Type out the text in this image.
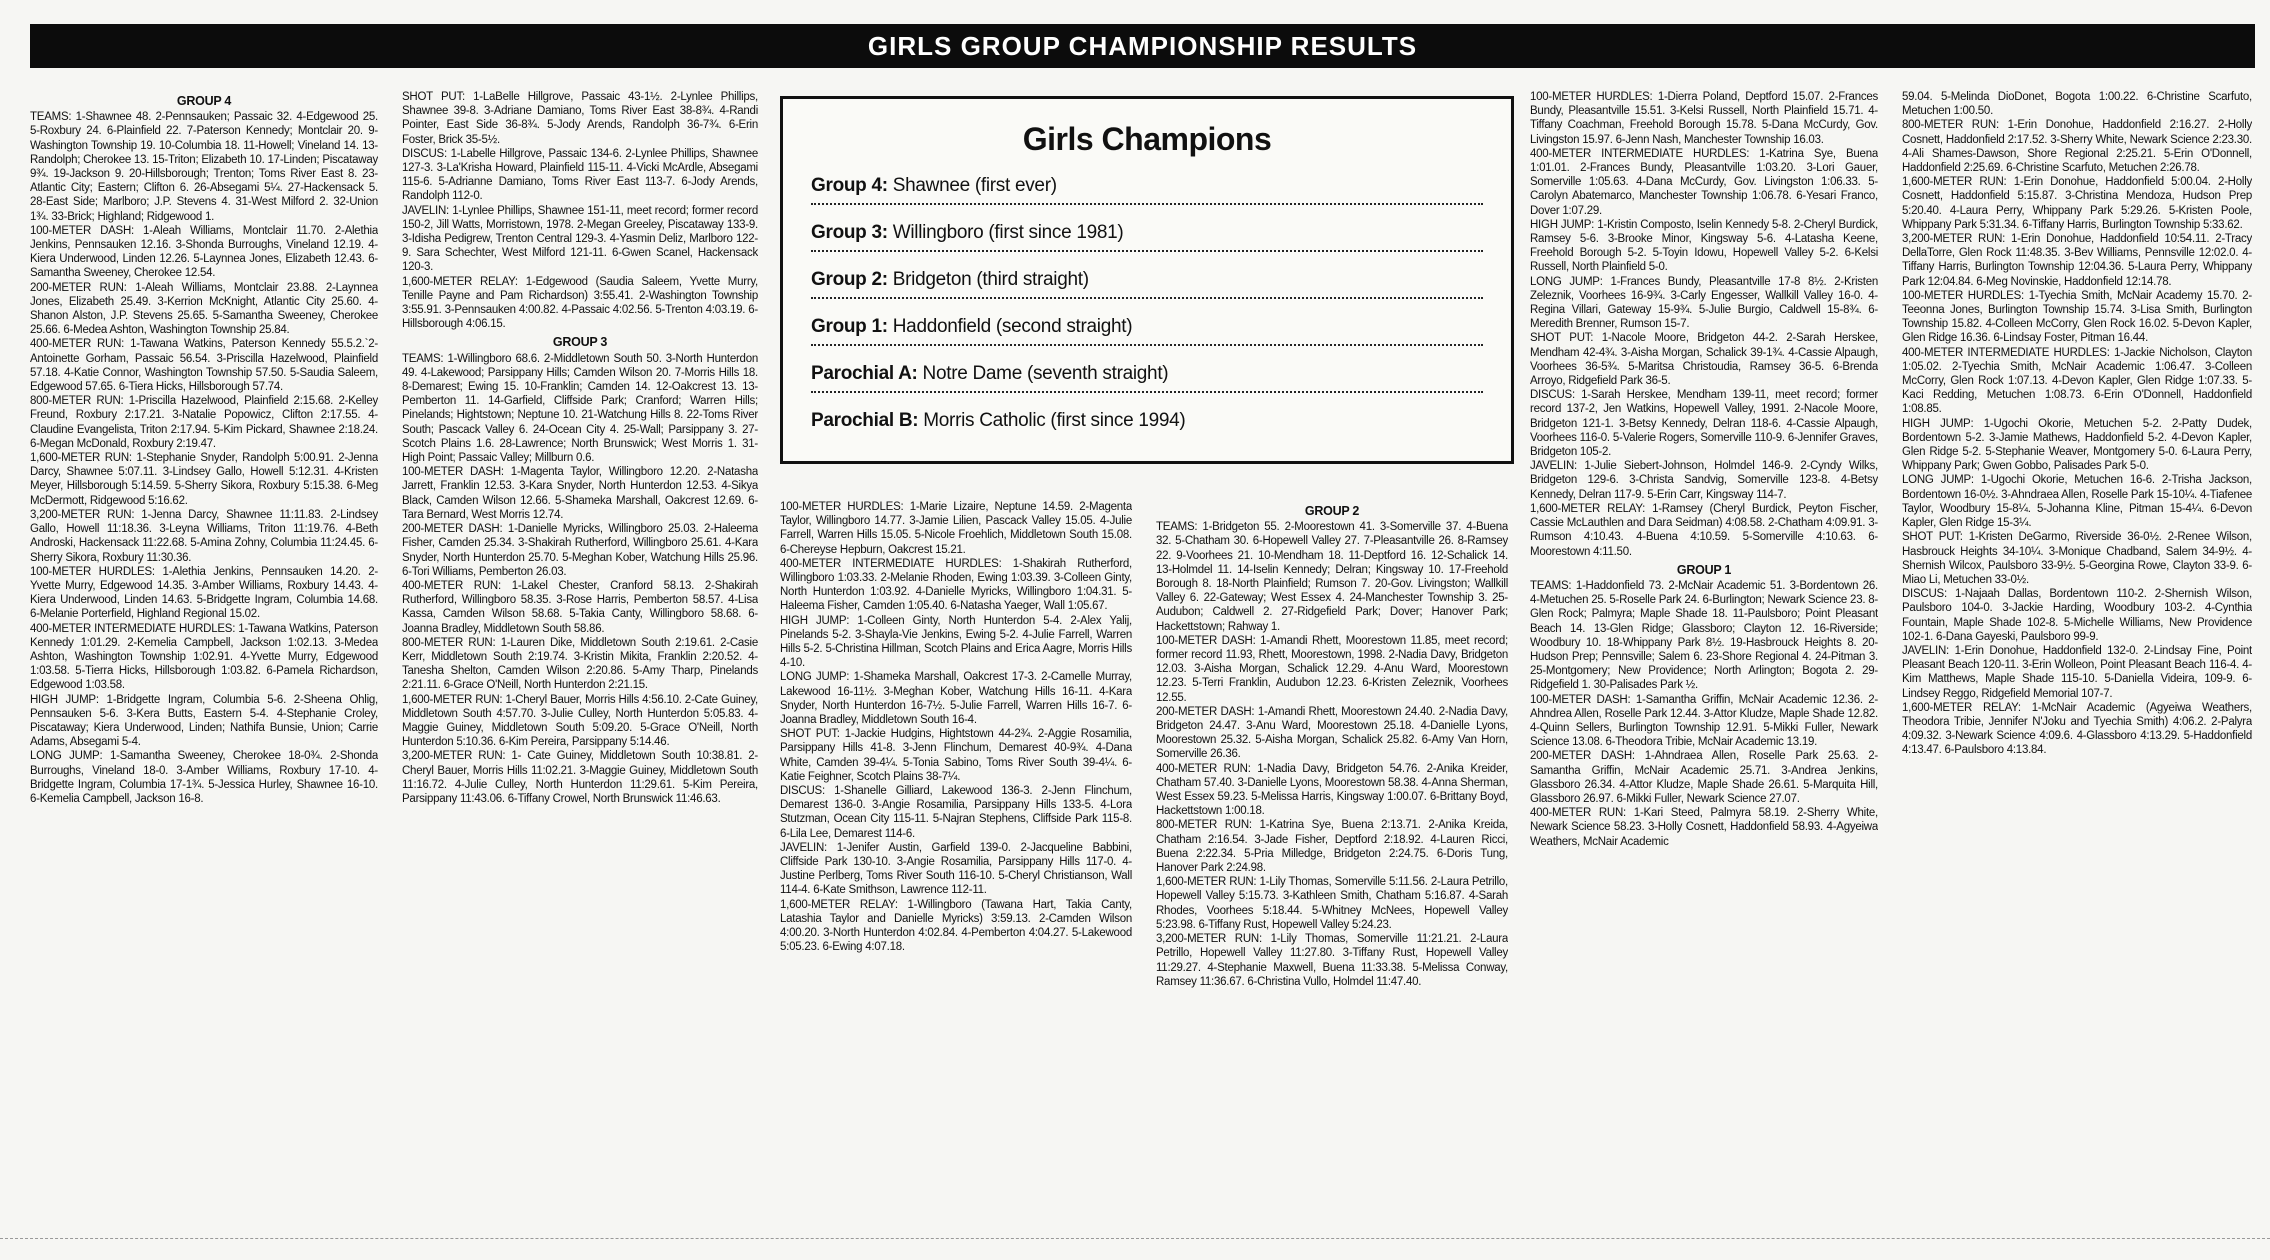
GIRLS GROUP CHAMPIONSHIP RESULTS
GROUP 4

TEAMS: 1-Shawnee 48. 2-Pennsauken; Passaic 32. 4-Edgewood 25. 5-Roxbury 24. 6-Plainfield 22. 7-Paterson Kennedy; Montclair 20. 9-Washington Township 19. 10-Columbia 18. 11-Howell; Vineland 14. 13-Randolph; Cherokee 13. 15-Triton; Elizabeth 10. 17-Linden; Piscataway 9¾. 19-Jackson 9. 20-Hillsborough; Trenton; Toms River East 8. 23-Atlantic City; Eastern; Clifton 6. 26-Absegami 5¼. 27-Hackensack 5. 28-East Side; Marlboro; J.P. Stevens 4. 31-West Milford 2. 32-Union 1¾. 33-Brick; Highland; Ridgewood 1.

100-METER DASH: 1-Aleah Williams, Montclair 11.70. 2-Alethia Jenkins, Pennsauken 12.16. 3-Shonda Burroughs, Vineland 12.19. 4-Kiera Underwood, Linden 12.26. 5-Laynnea Jones, Elizabeth 12.43. 6-Samantha Sweeney, Cherokee 12.54.

200-METER RUN: 1-Aleah Williams, Montclair 23.88. 2-Laynnea Jones, Elizabeth 25.49. 3-Kerrion McKnight, Atlantic City 25.60. 4-Shanon Alston, J.P. Stevens 25.65. 5-Samantha Sweeney, Cherokee 25.66. 6-Medea Ashton, Washington Township 25.84.

400-METER RUN: 1-Tawana Watkins, Paterson Kennedy 55.5.2.`2-Antoinette Gorham, Passaic 56.54. 3-Priscilla Hazelwood, Plainfield 57.18. 4-Katie Connor, Washington Township 57.50. 5-Saudia Saleem, Edgewood 57.65. 6-Tiera Hicks, Hillsborough 57.74.

800-METER RUN: 1-Priscilla Hazelwood, Plainfield 2:15.68. 2-Kelley Freund, Roxbury 2:17.21. 3-Natalie Popowicz, Clifton 2:17.55. 4-Claudine Evangelista, Triton 2:17.94. 5-Kim Pickard, Shawnee 2:18.24. 6-Megan McDonald, Roxbury 2:19.47.

1,600-METER RUN: 1-Stephanie Snyder, Randolph 5:00.91. 2-Jenna Darcy, Shawnee 5:07.11. 3-Lindsey Gallo, Howell 5:12.31. 4-Kristen Meyer, Hillsborough 5:14.59. 5-Sherry Sikora, Roxbury 5:15.38. 6-Meg McDermott, Ridgewood 5:16.62.

3,200-METER RUN: 1-Jenna Darcy, Shawnee 11:11.83. 2-Lindsey Gallo, Howell 11:18.36. 3-Leyna Williams, Triton 11:19.76. 4-Beth Androski, Hackensack 11:22.68. 5-Amina Zohny, Columbia 11:24.45. 6-Sherry Sikora, Roxbury 11:30.36.

100-METER HURDLES: 1-Alethia Jenkins, Pennsauken 14.20. 2-Yvette Murry, Edgewood 14.35. 3-Amber Williams, Roxbury 14.43. 4-Kiera Underwood, Linden 14.63. 5-Bridgette Ingram, Columbia 14.68. 6-Melanie Porterfield, Highland Regional 15.02.

400-METER INTERMEDIATE HURDLES: 1-Tawana Watkins, Paterson Kennedy 1:01.29. 2-Kemelia Campbell, Jackson 1:02.13. 3-Medea Ashton, Washington Township 1:02.91. 4-Yvette Murry, Edgewood 1:03.58. 5-Tierra Hicks, Hillsborough 1:03.82. 6-Pamela Richardson, Edgewood 1:03.58.

HIGH JUMP: 1-Bridgette Ingram, Columbia 5-6. 2-Sheena Ohlig, Pennsauken 5-6. 3-Kera Butts, Eastern 5-4. 4-Stephanie Croley, Piscataway; Kiera Underwood, Linden; Nathifa Bunsie, Union; Carrie Adams, Absegami 5-4.

LONG JUMP: 1-Samantha Sweeney, Cherokee 18-0¾. 2-Shonda Burroughs, Vineland 18-0. 3-Amber Williams, Roxbury 17-10. 4-Bridgette Ingram, Columbia 17-1¾. 5-Jessica Hurley, Shawnee 16-10. 6-Kemelia Campbell, Jackson 16-8.

SHOT PUT: 1-LaBelle Hillgrove, Passaic 43-1½. 2-Lynlee Phillips, Shawnee 39-8. 3-Adriane Damiano, Toms River East 38-8¾. 4-Randi Pointer, East Side 36-8¾. 5-Jody Arends, Randolph 36-7¾. 6-Erin Foster, Brick 35-5½.

DISCUS: 1-Labelle Hillgrove, Passaic 134-6. 2-Lynlee Phillips, Shawnee 127-3. 3-La'Krisha Howard, Plainfield 115-11. 4-Vicki McArdle, Absegami 115-6. 5-Adrianne Damiano, Toms River East 113-7. 6-Jody Arends, Randolph 112-0.

JAVELIN: 1-Lynlee Phillips, Shawnee 151-11, meet record; former record 150-2, Jill Watts, Morristown, 1978. 2-Megan Greeley, Piscataway 133-9. 3-Idisha Pedigrew, Trenton Central 129-3. 4-Yasmin Deliz, Marlboro 122-9. Sara Schechter, West Milford 121-11. 6-Gwen Scanel, Hackensack 120-3.

1,600-METER RELAY: 1-Edgewood (Saudia Saleem, Yvette Murry, Tenille Payne and Pam Richardson) 3:55.41. 2-Washington Township 3:55.91. 3-Pennsauken 4:00.82. 4-Passaic 4:02.56. 5-Trenton 4:03.19. 6-Hillsborough 4:06.15.

GROUP 3

TEAMS: 1-Willingboro 68.6. 2-Middletown South 50. 3-North Hunterdon 49. 4-Lakewood; Parsippany Hills; Camden Wilson 20. 7-Morris Hills 18. 8-Demarest; Ewing 15. 10-Franklin; Camden 14. 12-Oakcrest 13. 13-Pemberton 11. 14-Garfield, Cliffside Park; Cranford; Warren Hills; Pinelands; Hightstown; Neptune 10. 21-Watchung Hills 8. 22-Toms River South; Pascack Valley 6. 24-Ocean City 4. 25-Wall; Parsippany 3. 27-Scotch Plains 1.6. 28-Lawrence; North Brunswick; West Morris 1. 31-High Point; Passaic Valley; Millburn 0.6.

100-METER DASH: 1-Magenta Taylor, Willingboro 12.20. 2-Natasha Jarrett, Franklin 12.53. 3-Kara Snyder, North Hunterdon 12.53. 4-Sikya Black, Camden Wilson 12.66. 5-Shameka Marshall, Oakcrest 12.69. 6-Tara Bernard, West Morris 12.74.

200-METER DASH: 1-Danielle Myricks, Willingboro 25.03. 2-Haleema Fisher, Camden 25.34. 3-Shakirah Rutherford, Willingboro 25.61. 4-Kara Snyder, North Hunterdon 25.70. 5-Meghan Kober, Watchung Hills 25.96. 6-Tori Williams, Pemberton 26.03.

400-METER RUN: 1-Lakel Chester, Cranford 58.13. 2-Shakirah Rutherford, Willingboro 58.35. 3-Rose Harris, Pemberton 58.57. 4-Lisa Kassa, Camden Wilson 58.68. 5-Takia Canty, Willingboro 58.68. 6-Joanna Bradley, Middletown South 58.86.

800-METER RUN: 1-Lauren Dike, Middletown South 2:19.61. 2-Casie Kerr, Middletown South 2:19.74. 3-Kristin Mikita, Franklin 2:20.52. 4-Tanesha Shelton, Camden Wilson 2:20.86. 5-Amy Tharp, Pinelands 2:21.11. 6-Grace O'Neill, North Hunterdon 2:21.15.

1,600-METER RUN: 1-Cheryl Bauer, Morris Hills 4:56.10. 2-Cate Guiney, Middletown South 4:57.70. 3-Julie Culley, North Hunterdon 5:05.83. 4-Maggie Guiney, Middletown South 5:09.20. 5-Grace O'Neill, North Hunterdon 5:10.36. 6-Kim Pereira, Parsippany 5:14.46.

3,200-METER RUN: 1- Cate Guiney, Middletown South 10:38.81. 2-Cheryl Bauer, Morris Hills 11:02.21. 3-Maggie Guiney, Middletown South 11:16.72. 4-Julie Culley, North Hunterdon 11:29.61. 5-Kim Pereira, Parsippany 11:43.06. 6-Tiffany Crowel, North Brunswick 11:46.63.

Girls Champions
Group 4: Shawnee (first ever)
Group 3: Willingboro (first since 1981)
Group 2: Bridgeton (third straight)
Group 1: Haddonfield (second straight)
Parochial A: Notre Dame (seventh straight)
Parochial B: Morris Catholic (first since 1994)

100-METER HURDLES: 1-Marie Lizaire, Neptune 14.59. 2-Magenta Taylor, Willingboro 14.77. 3-Jamie Lilien, Pascack Valley 15.05. 4-Julie Farrell, Warren Hills 15.05. 5-Nicole Froehlich, Middletown South 15.08. 6-Chereyse Hepburn, Oakcrest 15.21.

400-METER INTERMEDIATE HURDLES: 1-Shakirah Rutherford, Willingboro 1:03.33. 2-Melanie Rhoden, Ewing 1:03.39. 3-Colleen Ginty, North Hunterdon 1:03.92. 4-Danielle Myricks, Willingboro 1:04.31. 5-Haleema Fisher, Camden 1:05.40. 6-Natasha Yaeger, Wall 1:05.67.

HIGH JUMP: 1-Colleen Ginty, North Hunterdon 5-4. 2-Alex Yalij, Pinelands 5-2. 3-Shayla-Vie Jenkins, Ewing 5-2. 4-Julie Farrell, Warren Hills 5-2. 5-Christina Hillman, Scotch Plains and Erica Aagre, Morris Hills 4-10.

LONG JUMP: 1-Shameka Marshall, Oakcrest 17-3. 2-Camelle Murray, Lakewood 16-11½. 3-Meghan Kober, Watchung Hills 16-11. 4-Kara Snyder, North Hunterdon 16-7½. 5-Julie Farrell, Warren Hills 16-7. 6-Joanna Bradley, Middletown South 16-4.

SHOT PUT: 1-Jackie Hudgins, Hightstown 44-2¾. 2-Aggie Rosamilia, Parsippany Hills 41-8. 3-Jenn Flinchum, Demarest 40-9¾. 4-Dana White, Camden 39-4¼. 5-Tonia Sabino, Toms River South 39-4¼. 6-Katie Feighner, Scotch Plains 38-7¼.

DISCUS: 1-Shanelle Gilliard, Lakewood 136-3. 2-Jenn Flinchum, Demarest 136-0. 3-Angie Rosamilia, Parsippany Hills 133-5. 4-Lora Stutzman, Ocean City 115-11. 5-Najran Stephens, Cliffside Park 115-8. 6-Lila Lee, Demarest 114-6.

JAVELIN: 1-Jenifer Austin, Garfield 139-0. 2-Jacqueline Babbini, Cliffside Park 130-10. 3-Angie Rosamilia, Parsippany Hills 117-0. 4-Justine Perlberg, Toms River South 116-10. 5-Cheryl Christianson, Wall 114-4. 6-Kate Smithson, Lawrence 112-11.

1,600-METER RELAY: 1-Willingboro (Tawana Hart, Takia Canty, Latashia Taylor and Danielle Myricks) 3:59.13. 2-Camden Wilson 4:00.20. 3-North Hunterdon 4:02.84. 4-Pemberton 4:04.27. 5-Lakewood 5:05.23. 6-Ewing 4:07.18.

GROUP 2

TEAMS: 1-Bridgeton 55. 2-Moorestown 41. 3-Somerville 37. 4-Buena 32. 5-Chatham 30. 6-Hopewell Valley 27. 7-Pleasantville 26. 8-Ramsey 22. 9-Voorhees 21. 10-Mendham 18. 11-Deptford 16. 12-Schalick 14. 13-Holmdel 11. 14-Iselin Kennedy; Delran; Kingsway 10. 17-Freehold Borough 8. 18-North Plainfield; Rumson 7. 20-Gov. Livingston; Wallkill Valley 6. 22-Gateway; West Essex 4. 24-Manchester Township 3. 25-Audubon; Caldwell 2. 27-Ridgefield Park; Dover; Hanover Park; Hackettstown; Rahway 1.

100-METER DASH: 1-Amandi Rhett, Moorestown 11.85, meet record; former record 11.93, Rhett, Moorestown, 1998. 2-Nadia Davy, Bridgeton 12.03. 3-Aisha Morgan, Schalick 12.29. 4-Anu Ward, Moorestown 12.23. 5-Terri Franklin, Audubon 12.23. 6-Kristen Zeleznik, Voorhees 12.55.

200-METER DASH: 1-Amandi Rhett, Moorestown 24.40. 2-Nadia Davy, Bridgeton 24.47. 3-Anu Ward, Moorestown 25.18. 4-Danielle Lyons, Moorestown 25.32. 5-Aisha Morgan, Schalick 25.82. 6-Amy Van Horn, Somerville 26.36.

400-METER RUN: 1-Nadia Davy, Bridgeton 54.76. 2-Anika Kreider, Chatham 57.40. 3-Danielle Lyons, Moorestown 58.38. 4-Anna Sherman, West Essex 59.23. 5-Melissa Harris, Kingsway 1:00.07. 6-Brittany Boyd, Hackettstown 1:00.18.

800-METER RUN: 1-Katrina Sye, Buena 2:13.71. 2-Anika Kreida, Chatham 2:16.54. 3-Jade Fisher, Deptford 2:18.92. 4-Lauren Ricci, Buena 2:22.34. 5-Pria Milledge, Bridgeton 2:24.75. 6-Doris Tung, Hanover Park 2:24.98.

1,600-METER RUN: 1-Lily Thomas, Somerville 5:11.56. 2-Laura Petrillo, Hopewell Valley 5:15.73. 3-Kathleen Smith, Chatham 5:16.87. 4-Sarah Rhodes, Voorhees 5:18.44. 5-Whitney McNees, Hopewell Valley 5:23.98. 6-Tiffany Rust, Hopewell Valley 5:24.23.

3,200-METER RUN: 1-Lily Thomas, Somerville 11:21.21. 2-Laura Petrillo, Hopewell Valley 11:27.80. 3-Tiffany Rust, Hopewell Valley 11:29.27. 4-Stephanie Maxwell, Buena 11:33.38. 5-Melissa Conway, Ramsey 11:36.67. 6-Christina Vullo, Holmdel 11:47.40.

100-METER HURDLES: 1-Dierra Poland, Deptford 15.07. 2-Frances Bundy, Pleasantville 15.51. 3-Kelsi Russell, North Plainfield 15.71. 4-Tiffany Coachman, Freehold Borough 15.78. 5-Dana McCurdy, Gov. Livingston 15.97. 6-Jenn Nash, Manchester Township 16.03.

400-METER INTERMEDIATE HURDLES: 1-Katrina Sye, Buena 1:01.01. 2-Frances Bundy, Pleasantville 1:03.20. 3-Lori Gauer, Somerville 1:05.63. 4-Dana McCurdy, Gov. Livingston 1:06.33. 5-Carolyn Abatemarco, Manchester Township 1:06.78. 6-Yesari Franco, Dover 1:07.29.

HIGH JUMP: 1-Kristin Composto, Iselin Kennedy 5-8. 2-Cheryl Burdick, Ramsey 5-6. 3-Brooke Minor, Kingsway 5-6. 4-Latasha Keene, Freehold Borough 5-2. 5-Toyin Idowu, Hopewell Valley 5-2. 6-Kelsi Russell, North Plainfield 5-0.

LONG JUMP: 1-Frances Bundy, Pleasantville 17-8 8½. 2-Kristen Zeleznik, Voorhees 16-9¾. 3-Carly Engesser, Wallkill Valley 16-0. 4-Regina Villari, Gateway 15-9¾. 5-Julie Burgio, Caldwell 15-8¾. 6-Meredith Brenner, Rumson 15-7.

SHOT PUT: 1-Nacole Moore, Bridgeton 44-2. 2-Sarah Herskee, Mendham 42-4¾. 3-Aisha Morgan, Schalick 39-1¾. 4-Cassie Alpaugh, Voorhees 36-5¾. 5-Maritsa Christoudia, Ramsey 36-5. 6-Brenda Arroyo, Ridgefield Park 36-5.

DISCUS: 1-Sarah Herskee, Mendham 139-11, meet record; former record 137-2, Jen Watkins, Hopewell Valley, 1991. 2-Nacole Moore, Bridgeton 121-1. 3-Betsy Kennedy, Delran 118-6. 4-Cassie Alpaugh, Voorhees 116-0. 5-Valerie Rogers, Somerville 110-9. 6-Jennifer Graves, Bridgeton 105-2.

JAVELIN: 1-Julie Siebert-Johnson, Holmdel 146-9. 2-Cyndy Wilks, Bridgeton 129-6. 3-Christa Sandvig, Somerville 123-8. 4-Betsy Kennedy, Delran 117-9. 5-Erin Carr, Kingsway 114-7.

1,600-METER RELAY: 1-Ramsey (Cheryl Burdick, Peyton Fischer, Cassie McLauthlen and Dara Seidman) 4:08.58. 2-Chatham 4:09.91. 3-Rumson 4:10.43. 4-Buena 4:10.59. 5-Somerville 4:10.63. 6-Moorestown 4:11.50.

GROUP 1

TEAMS: 1-Haddonfield 73. 2-McNair Academic 51. 3-Bordentown 26. 4-Metuchen 25. 5-Roselle Park 24. 6-Burlington; Newark Science 23. 8-Glen Rock; Palmyra; Maple Shade 18. 11-Paulsboro; Point Pleasant Beach 14. 13-Glen Ridge; Glassboro; Clayton 12. 16-Riverside; Woodbury 10. 18-Whippany Park 8½. 19-Hasbrouck Heights 8. 20-Hudson Prep; Pennsville; Salem 6. 23-Shore Regional 4. 24-Pitman 3. 25-Montgomery; New Providence; North Arlington; Bogota 2. 29-Ridgefield 1. 30-Palisades Park ½.

100-METER DASH: 1-Samantha Griffin, McNair Academic 12.36. 2-Ahndrea Allen, Roselle Park 12.44. 3-Attor Kludze, Maple Shade 12.82. 4-Quinn Sellers, Burlington Township 12.91. 5-Mikki Fuller, Newark Science 13.08. 6-Theodora Tribie, McNair Academic 13.19.

200-METER DASH: 1-Ahndraea Allen, Roselle Park 25.63. 2-Samantha Griffin, McNair Academic 25.71. 3-Andrea Jenkins, Glassboro 26.34. 4-Attor Kludze, Maple Shade 26.61. 5-Marquita Hill, Glassboro 26.97. 6-Mikki Fuller, Newark Science 27.07.

400-METER RUN: 1-Kari Steed, Palmyra 58.19. 2-Sherry White, Newark Science 58.23. 3-Holly Cosnett, Haddonfield 58.93. 4-Agyeiwa Weathers, McNair Academic

59.04. 5-Melinda DioDonet, Bogota 1:00.22. 6-Christine Scarfuto, Metuchen 1:00.50.

800-METER RUN: 1-Erin Donohue, Haddonfield 2:16.27. 2-Holly Cosnett, Haddonfield 2:17.52. 3-Sherry White, Newark Science 2:23.30. 4-Ali Shames-Dawson, Shore Regional 2:25.21. 5-Erin O'Donnell, Haddonfield 2:25.69. 6-Christine Scarfuto, Metuchen 2:26.78.

1,600-METER RUN: 1-Erin Donohue, Haddonfield 5:00.04. 2-Holly Cosnett, Haddonfield 5:15.87. 3-Christina Mendoza, Hudson Prep 5:20.40. 4-Laura Perry, Whippany Park 5:29.26. 5-Kristen Poole, Whippany Park 5:31.34. 6-Tiffany Harris, Burlington Township 5:33.62.

3,200-METER RUN: 1-Erin Donohue, Haddonfield 10:54.11. 2-Tracy DellaTorre, Glen Rock 11:48.35. 3-Bev Williams, Pennsville 12:02.0. 4-Tiffany Harris, Burlington Township 12:04.36. 5-Laura Perry, Whippany Park 12:04.84. 6-Meg Novinskie, Haddonfield 12:14.78.

100-METER HURDLES: 1-Tyechia Smith, McNair Academy 15.70. 2-Teeonna Jones, Burlington Township 15.74. 3-Lisa Smith, Burlington Township 15.82. 4-Colleen McCorry, Glen Rock 16.02. 5-Devon Kapler, Glen Ridge 16.36. 6-Lindsay Foster, Pitman 16.44.

400-METER INTERMEDIATE HURDLES: 1-Jackie Nicholson, Clayton 1:05.02. 2-Tyechia Smith, McNair Academic 1:06.47. 3-Colleen McCorry, Glen Rock 1:07.13. 4-Devon Kapler, Glen Ridge 1:07.33. 5-Kaci Redding, Metuchen 1:08.73. 6-Erin O'Donnell, Haddonfield 1:08.85.

HIGH JUMP: 1-Ugochi Okorie, Metuchen 5-2. 2-Patty Dudek, Bordentown 5-2. 3-Jamie Mathews, Haddonfield 5-2. 4-Devon Kapler, Glen Ridge 5-2. 5-Stephanie Weaver, Montgomery 5-0. 6-Laura Perry, Whippany Park; Gwen Gobbo, Palisades Park 5-0.

LONG JUMP: 1-Ugochi Okorie, Metuchen 16-6. 2-Trisha Jackson, Bordentown 16-0½. 3-Ahndraea Allen, Roselle Park 15-10¼. 4-Tiafenee Taylor, Woodbury 15-8¼. 5-Johanna Kline, Pitman 15-4¼. 6-Devon Kapler, Glen Ridge 15-3¼.

SHOT PUT: 1-Kristen DeGarmo, Riverside 36-0½. 2-Renee Wilson, Hasbrouck Heights 34-10¼. 3-Monique Chadband, Salem 34-9½. 4-Shernish Wilcox, Paulsboro 33-9½. 5-Georgina Rowe, Clayton 33-9. 6-Miao Li, Metuchen 33-0½.

DISCUS: 1-Najaah Dallas, Bordentown 110-2. 2-Shernish Wilson, Paulsboro 104-0. 3-Jackie Harding, Woodbury 103-2. 4-Cynthia Fountain, Maple Shade 102-8. 5-Michelle Williams, New Providence 102-1. 6-Dana Gayeski, Paulsboro 99-9.

JAVELIN: 1-Erin Donohue, Haddonfield 132-0. 2-Lindsay Fine, Point Pleasant Beach 120-11. 3-Erin Wolleon, Point Pleasant Beach 116-4. 4-Kim Matthews, Maple Shade 115-10. 5-Daniella Videira, 109-9. 6-Lindsey Reggo, Ridgefield Memorial 107-7.

1,600-METER RELAY: 1-McNair Academic (Agyeiwa Weathers, Theodora Tribie, Jennifer N'Joku and Tyechia Smith) 4:06.2. 2-Palyra 4:09.32. 3-Newark Science 4:09.6. 4-Glassboro 4:13.29. 5-Haddonfield 4:13.47. 6-Paulsboro 4:13.84.
